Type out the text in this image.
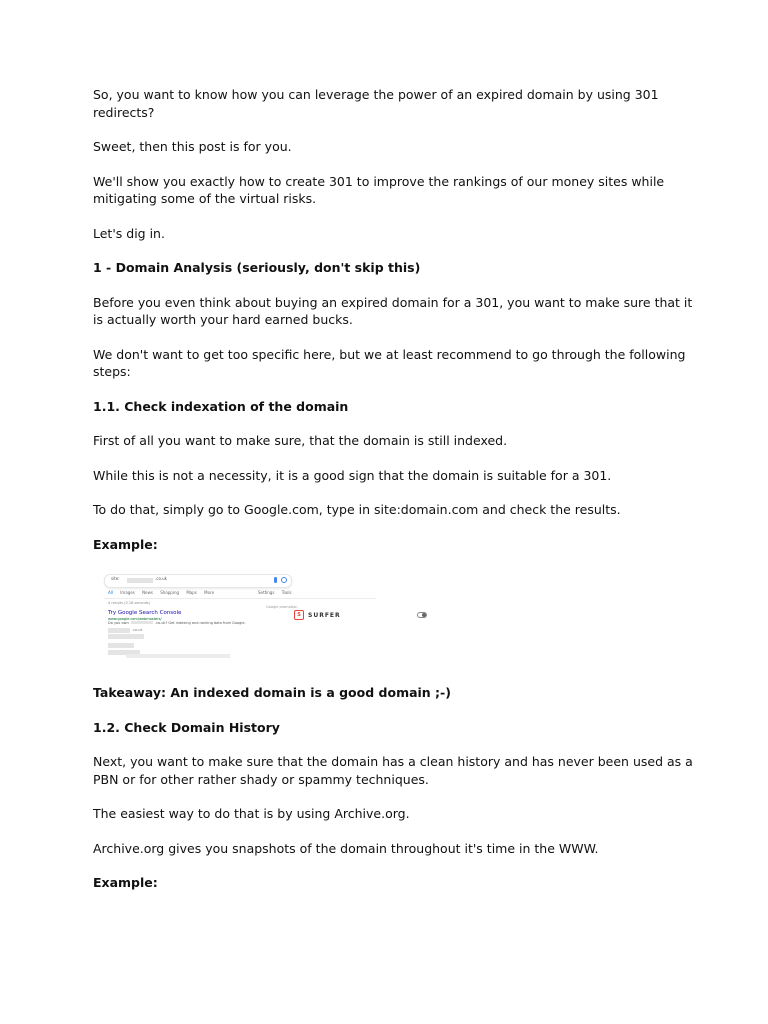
So, you want to know how you can leverage the power of an expired domain by using 301 redirects?

Sweet, then this post is for you.

We'll show you exactly how to create 301 to improve the rankings of our money sites while mitigating some of the virtual risks.

Let's dig in.

1 - Domain Analysis (seriously, don't skip this)

Before you even think about buying an expired domain for a 301, you want to make sure that it is actually worth your hard earned bucks.

We don't want to get too specific here, but we at least recommend to go through the following steps:

1.1. Check indexation of the domain

First of all you want to make sure, that the domain is still indexed.

While this is not a necessity, it is a good sign that the domain is suitable for a 301.

To do that, simply go to Google.com, type in site:domain.com and check the results.

Example:

site:	.co.uk
All Images News Shopping Maps More	Settings Tools
4 results (0.18 seconds)
Try Google Search Console
www.google.com/webmasters/
Do you own	.co.uk? Get indexing and ranking data from Google.
.co.uk
Google promotion
S	SURFER

Takeaway: An indexed domain is a good domain ;-)

1.2. Check Domain History

Next, you want to make sure that the domain has a clean history and has never been used as a PBN or for other rather shady or spammy techniques.

The easiest way to do that is by using Archive.org.

Archive.org gives you snapshots of the domain throughout it's time in the WWW.

Example:
